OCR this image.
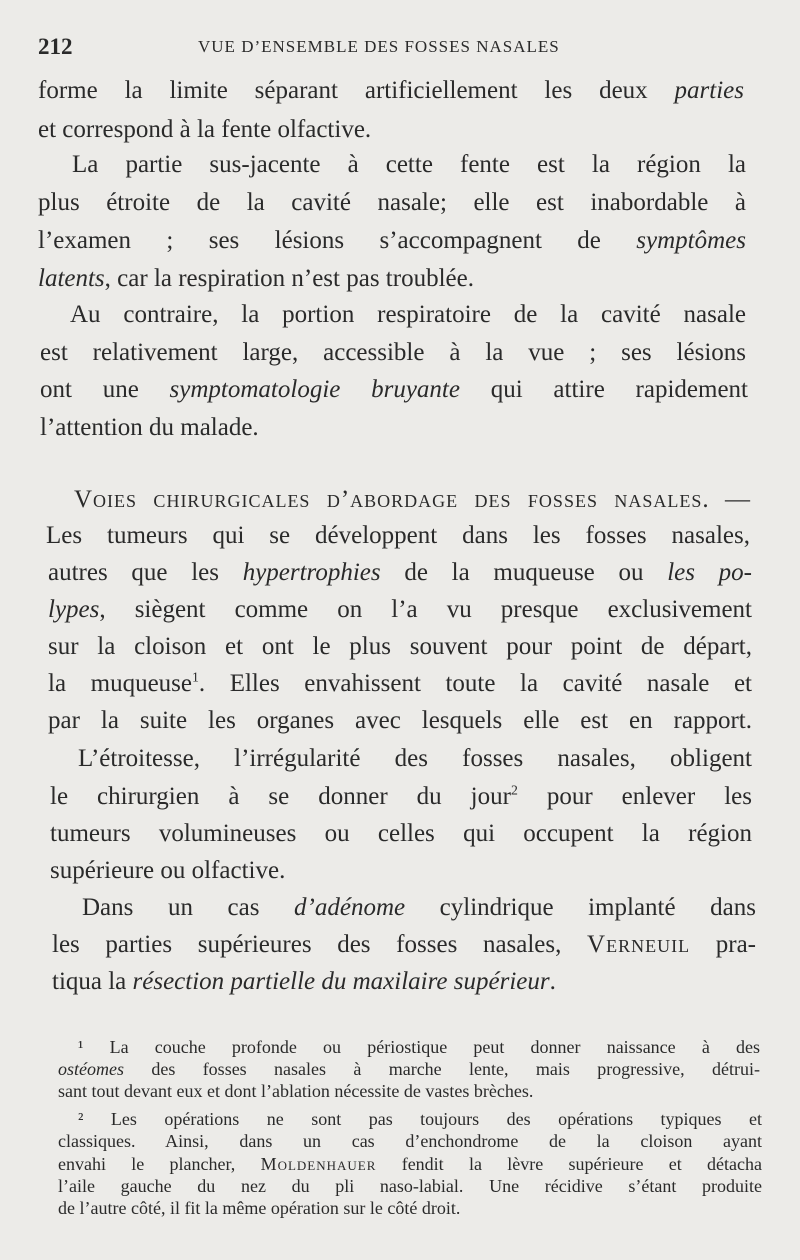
212	VUE D’ENSEMBLE DES FOSSES NASALES
forme la limite séparant artificiellement les deux parties
et correspond à la fente olfactive.
La partie sus-jacente à cette fente est la région la
plus étroite de la cavité nasale; elle est inabordable à
l’examen ; ses lésions s’accompagnent de symptômes
latents, car la respiration n’est pas troublée.
Au contraire, la portion respiratoire de la cavité nasale
est relativement large, accessible à la vue ; ses lésions
ont une symptomatologie bruyante qui attire rapidement
l’attention du malade.
Voies chirurgicales d’abordage des fosses nasales. —
Les tumeurs qui se développent dans les fosses nasales,
autres que les hypertrophies de la muqueuse ou les po-
lypes, siègent comme on l’a vu presque exclusivement
sur la cloison et ont le plus souvent pour point de départ,
la muqueuse$^1$. Elles envahissent toute la cavité nasale et
par la suite les organes avec lesquels elle est en rapport.
L’étroitesse, l’irrégularité des fosses nasales, obligent
le chirurgien à se donner du jour$^2$ pour enlever les
tumeurs volumineuses ou celles qui occupent la région
supérieure ou olfactive.
Dans un cas d’adénome cylindrique implanté dans
les parties supérieures des fosses nasales, Verneuil pra-
tiqua la résection partielle du maxilaire supérieur.
¹ La couche profonde ou périostique peut donner naissance à des
ostéomes des fosses nasales à marche lente, mais progressive, détrui-
sant tout devant eux et dont l’ablation nécessite de vastes brèches.
² Les opérations ne sont pas toujours des opérations typiques et
classiques. Ainsi, dans un cas d’enchondrome de la cloison ayant
envahi le plancher, Moldenhauer fendit la lèvre supérieure et détacha
l’aile gauche du nez du pli naso-labial. Une récidive s’étant produite
de l’autre côté, il fit la même opération sur le côté droit.
